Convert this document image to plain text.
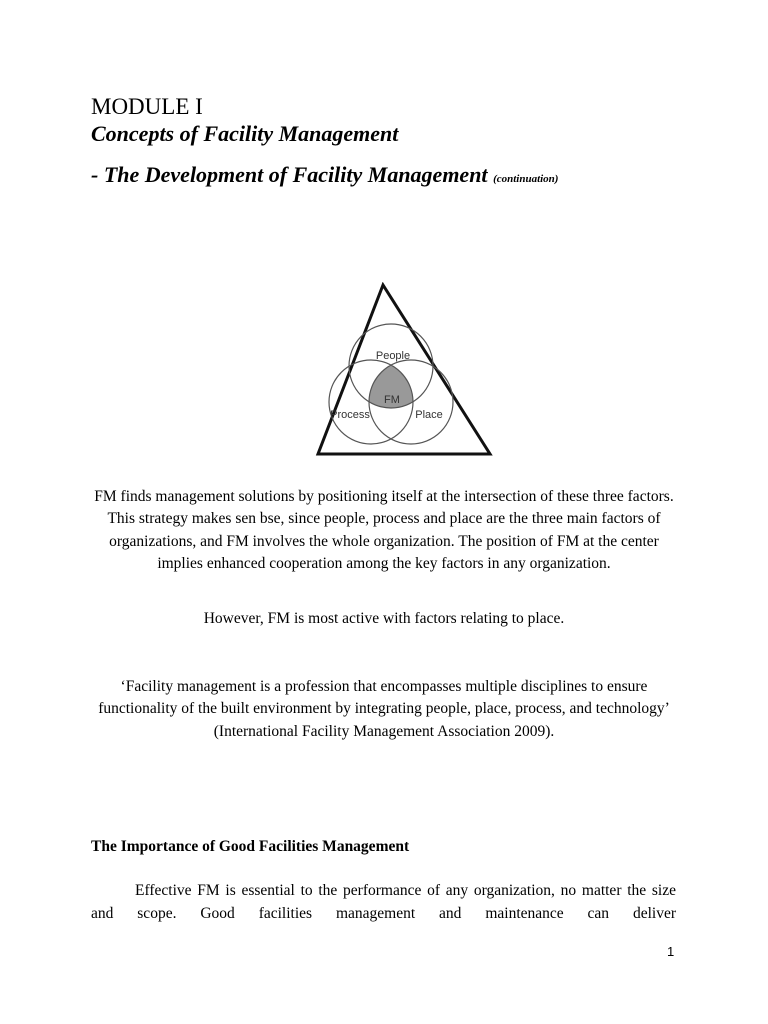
MODULE I
Concepts of Facility Management
- The Development of Facility Management (continuation)
People
Process	Place
FM
FM finds management solutions by positioning itself at the intersection of these three factors. This strategy makes sen bse, since people, process and place are the three main factors of organizations, and FM involves the whole organization. The position of FM at the center implies enhanced cooperation among the key factors in any organization.
However, FM is most active with factors relating to place.
‘Facility management is a profession that encompasses multiple disciplines to ensure functionality of the built environment by integrating people, place, process, and technology’ (International Facility Management Association 2009).
The Importance of Good Facilities Management
Effective FM is essential to the performance of any organization, no matter the size and scope. Good facilities management and maintenance can deliver
1
